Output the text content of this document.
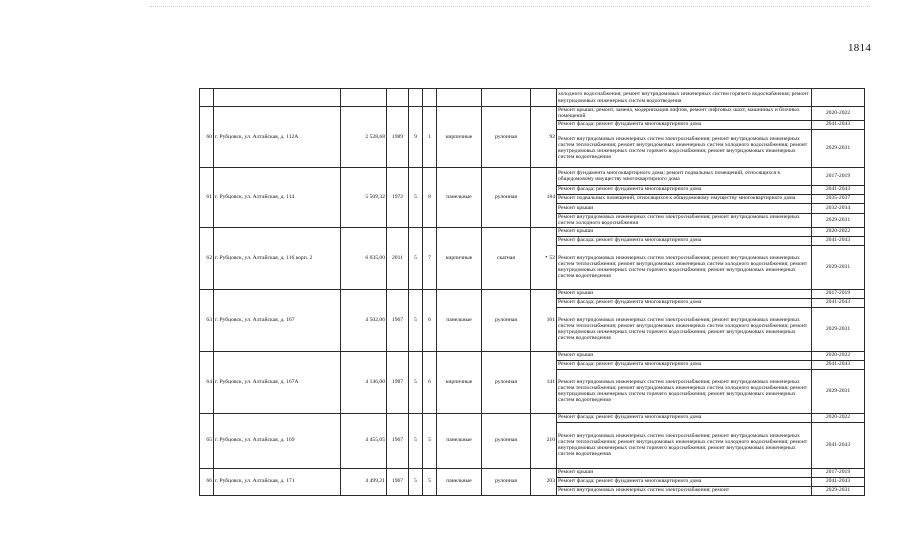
1814
									холодного водоснабжения; ремонт внутридомовых инженерных систем горячего водоснабжения; ремонт внутридомовых инженерных систем водоотведения	
60	г. Рубцовск, ул. Алтайская, д. 112А	2 528,68	1989	9	1	кирпичные	рулонная	92	Ремонт крыши; ремонт, замена, модернизация лифтов, ремонт лифтовых шахт, машинных и блочных помещений	2020-2022
									Ремонт фасада; ремонт фундамента многоквартирного дома	2041-2043
									Ремонт внутридомовых инженерных систем электроснабжения; ремонт внутридомовых инженерных систем теплоснабжения; ремонт внутридомовых инженерных систем холодного водоснабжения; ремонт внутридомовых инженерных систем горячего водоснабжения; ремонт внутридомовых инженерных систем водоотведения	2029-2031
61	г. Рубцовск, ул. Алтайская, д. 114	5 509,32	1972	5	8	панельные	рулонная	184	Ремонт фундамента многоквартирного дома; ремонт подвальных помещений, относящихся к общедомовому имуществу многоквартирного дома	2017-2019
									Ремонт фасада; ремонт фундамента многоквартирного дома	2041-2043
									Ремонт подвальных помещений, относящихся к общедомовому имуществу многоквартирного дома	2035-2037
									Ремонт крыши	2032-2034
									Ремонт внутридомовых инженерных систем электроснабжения; ремонт внутридомовых инженерных систем холодного водоснабжения	2029-2031
62	г. Рубцовск, ул. Алтайская, д. 116 корп. 2	6 035,00	2011	5	7	кирпичные	скатная	• 52	Ремонт крыши	2020-2022
									Ремонт фасада; ремонт фундамента многоквартирного дома	2041-2043
									Ремонт внутридомовых инженерных систем электроснабжения; ремонт внутридомовых инженерных систем теплоснабжения; ремонт внутридомовых инженерных систем холодного водоснабжения; ремонт внутридомовых инженерных систем горячего водоснабжения; ремонт внутридомовых инженерных систем водоотведения	2029-2031
63	г. Рубцовск, ул. Алтайская, д. 167	4 502,06	1967	5	6	панельные	рулонная	161	Ремонт крыши	2017-2019
									Ремонт фасада; ремонт фундамента многоквартирного дома	2041-2043
									Ремонт внутридомовых инженерных систем электроснабжения; ремонт внутридомовых инженерных систем теплоснабжения; ремонт внутридомовых инженерных систем холодного водоснабжения; ремонт внутридомовых инженерных систем горячего водоснабжения; ремонт внутридомовых инженерных систем водоотведения	2029-2031
64	г. Рубцовск, ул. Алтайская, д. 167А	4 146,00	1987	5	6	кирпичные	рулонная	141	Ремонт крыши	2020-2022
									Ремонт фасада; ремонт фундамента многоквартирного дома	2041-2043
									Ремонт внутридомовых инженерных систем электроснабжения; ремонт внутридомовых инженерных систем теплоснабжения; ремонт внутридомовых инженерных систем холодного водоснабжения; ремонт внутридомовых инженерных систем горячего водоснабжения; ремонт внутридомовых инженерных систем водоотведения	2029-2031
65	г. Рубцовск, ул. Алтайская, д. 169	4 455,05	1967	5	5	панельные	рулонная	210	Ремонт фасада; ремонт фундамента многоквартирного дома	2020-2022
									Ремонт внутридомовых инженерных систем электроснабжения; ремонт внутридомовых инженерных систем теплоснабжения; ремонт внутридомовых инженерных систем холодного водоснабжения; ремонт внутридомовых инженерных систем горячего водоснабжения; ремонт внутридомовых инженерных систем водоотведения	2041-2043
66	г. Рубцовск, ул. Алтайская, д. 171	4 499,21	1967	5	5	панельные	рулонная	203	Ремонт крыши	2017-2019
									Ремонт фасада; ремонт фундамента многоквартирного дома	2041-2043
									Ремонт внутридомовых инженерных систем электроснабжения; ремонт	2029-2031
